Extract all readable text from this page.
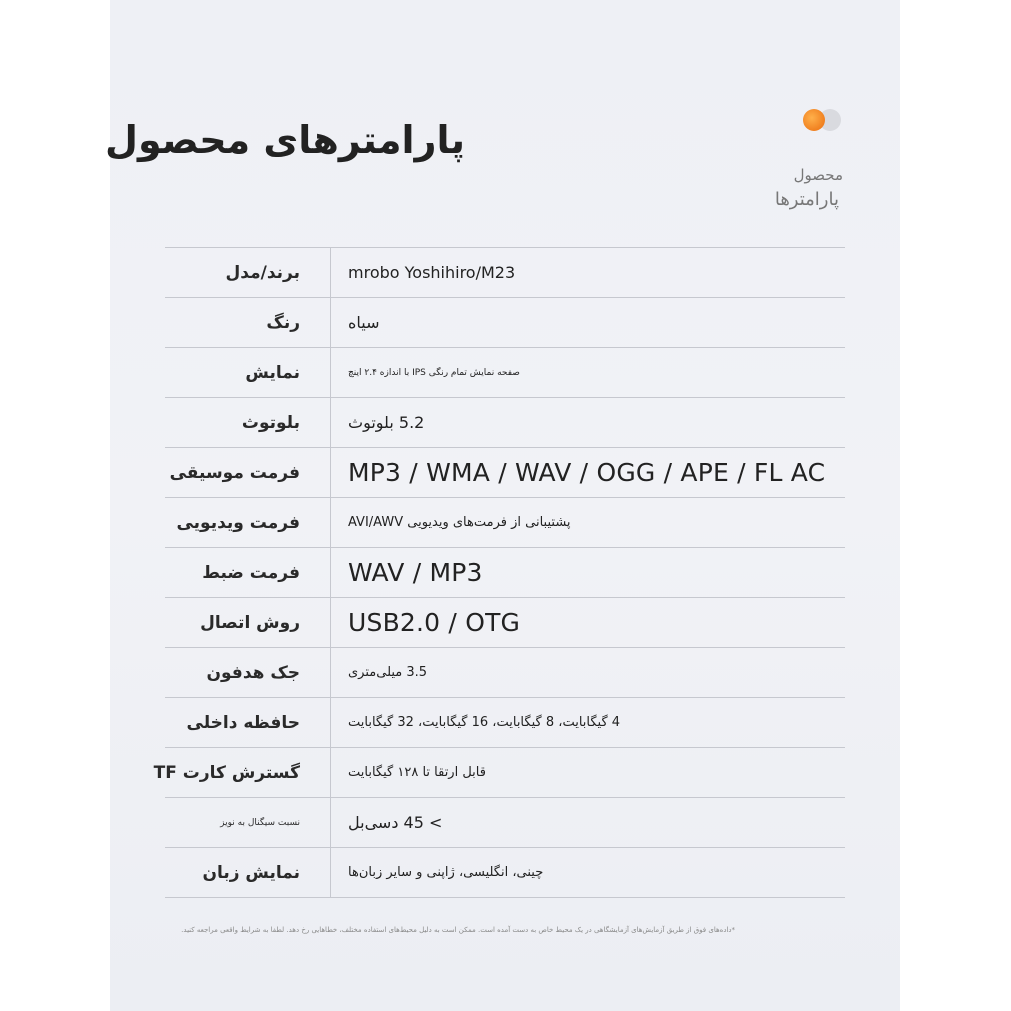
پارامترهای محصول
محصول
پارامترها
برند/مدل	mrobo Yoshihiro/M23
رنگ	سیاه
نمایش	صفحه نمایش تمام رنگی IPS با اندازه ۲.۴ اینچ
بلوتوث	5.2 بلوتوث
فرمت موسیقی MP3 / WMA / WAV / OGG / APE / FL AC
فرمت ویدیویی	پشتیبانی از فرمت‌های ویدیویی AVI/AWV
فرمت ضبط WAV / MP3
روش اتصال USB2.0 / OTG
جک هدفون	3.5 میلی‌متری
حافظه داخلی	4 گیگابایت، 8 گیگابایت، 16 گیگابایت، 32 گیگابایت
گسترش کارت TF	قابل ارتقا تا ۱۲۸ گیگابایت
نسبت سیگنال به نویز	> 45 دسی‌بل
نمایش زبان	چینی، انگلیسی، ژاپنی و سایر زبان‌ها
*داده‌های فوق از طریق آزمایش‌های آزمایشگاهی در یک محیط خاص به دست آمده است. ممکن است به دلیل محیط‌های استفاده مختلف، خطاهایی رخ دهد. لطفا به شرایط واقعی مراجعه کنید.
